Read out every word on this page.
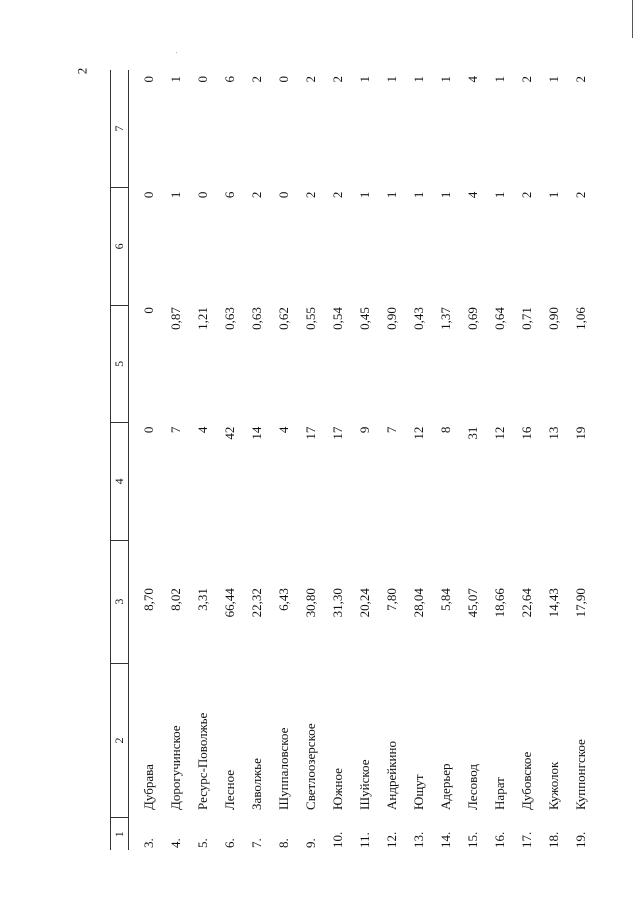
2
1	2	3	4	5	6	7
3.	Дубрава	8,70	0	0	0	0
4.	Дорогучинское	8,02	7	0,87	1	1
5.	Ресурс-Поволжье	3,31	4	1,21	0	0
6.	Лесное	66,44	42	0,63	6	6
7.	Заволжье	22,32	14	0,63	2	2
8.	Шуппаловское	6,43	4	0,62	0	0
9.	Светлоозерское	30,80	17	0,55	2	2
10.	Южное	31,30	17	0,54	2	2
11.	Шуйское	20,24	9	0,45	1	1
12.	Андрейкино	7,80	7	0,90	1	1
13.	Ющут	28,04	12	0,43	1	1
14.	Адерьер	5,84	8	1,37	1	1
15.	Лесовод	45,07	31	0,69	4	4
16.	Нарат	18,66	12	0,64	1	1
17.	Дубовское	22,64	16	0,71	2	2
18.	Кужолок	14,43	13	0,90	1	1
19.	Куппонгское	17,90	19	1,06	2	2
